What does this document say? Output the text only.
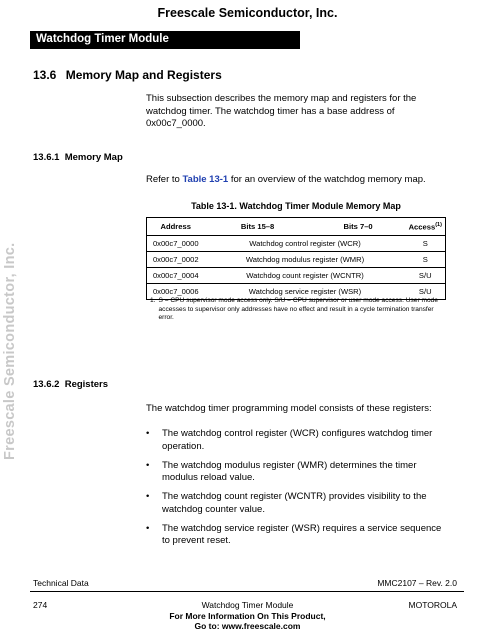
Freescale Semiconductor, Inc.
Watchdog Timer Module
Freescale Semiconductor, Inc.
13.6 Memory Map and Registers
This subsection describes the memory map and registers for the watchdog timer. The watchdog timer has a base address of 0x00c7_0000.
13.6.1 Memory Map
Refer to Table 13-1 for an overview of the watchdog memory map.
Table 13-1. Watchdog Timer Module Memory Map
Address	Bits 15–8	Bits 7–0	Access$^{(1)}$
0x00c7_0000	Watchdog control register (WCR)		S
0x00c7_0002	Watchdog modulus register (WMR)		S
0x00c7_0004	Watchdog count register (WCNTR)		S/U
0x00c7_0006	Watchdog service register (WSR)		S/U
1. S = CPU supervisor mode access only. S/U = CPU supervisor or user mode access. User mode accesses to supervisor only addresses have no effect and result in a cycle termination transfer error.
13.6.2 Registers
The watchdog timer programming model consists of these registers:
•	The watchdog control register (WCR) configures watchdog timer operation.
•	The watchdog modulus register (WMR) determines the timer modulus reload value.
•	The watchdog count register (WCNTR) provides visibility to the watchdog counter value.
•	The watchdog service register (WSR) requires a service sequence to prevent reset.
Technical Data	MMC2107 – Rev. 2.0
274	Watchdog Timer Module	MOTOROLA
For More Information On This Product,
Go to: www.freescale.com
